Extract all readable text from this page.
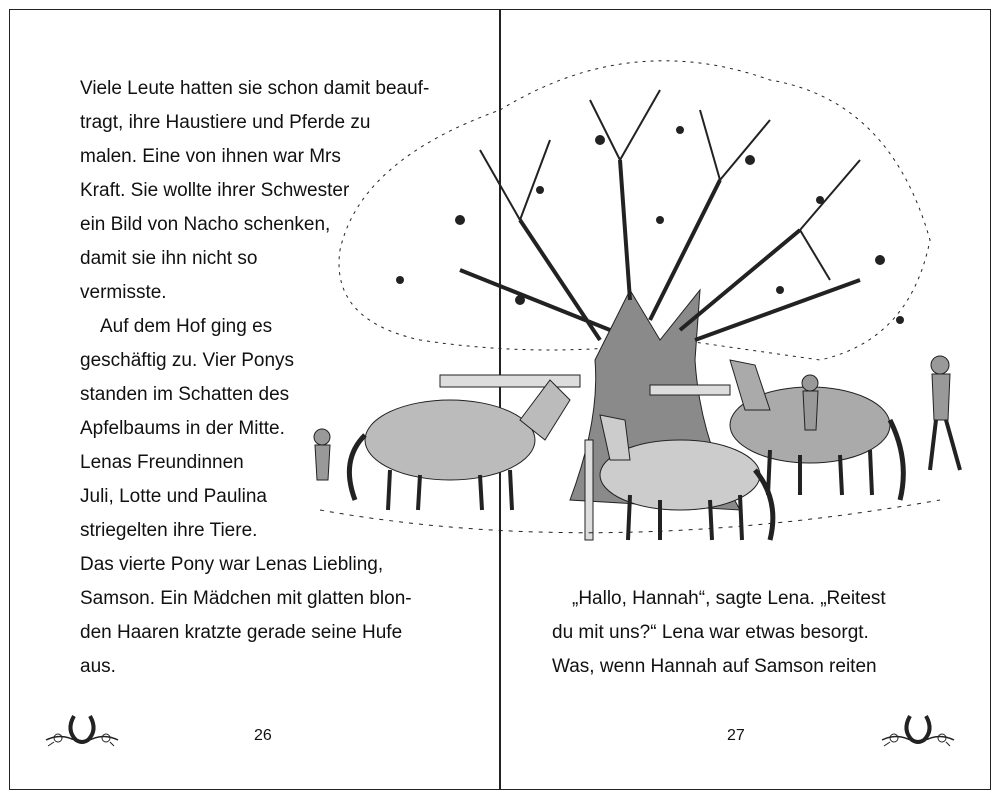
Viele Leute hatten sie schon damit beauf-
tragt, ihre Haustiere und Pferde zu
malen. Eine von ihnen war Mrs
Kraft. Sie wollte ihrer Schwester
ein Bild von Nacho schenken,
damit sie ihn nicht so
vermisste.
Auf dem Hof ging es
geschäftig zu. Vier Ponys
standen im Schatten des
Apfelbaums in der Mitte.
Lenas Freundinnen
Juli, Lotte und Paulina
striegelten ihre Tiere.
Das vierte Pony war Lenas Liebling,
Samson. Ein Mädchen mit glatten blon-
den Haaren kratzte gerade seine Hufe
aus.
„Hallo, Hannah“, sagte Lena. „Reitest
du mit uns?“ Lena war etwas besorgt.
Was, wenn Hannah auf Samson reiten
26	27
